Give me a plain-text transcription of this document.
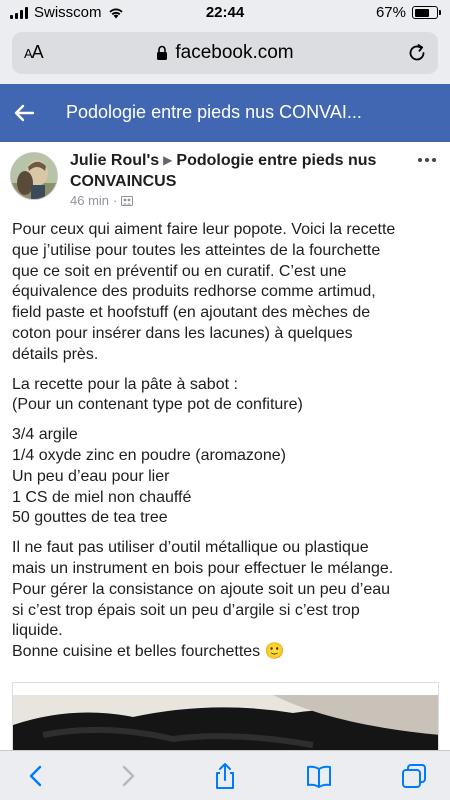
Swisscom	22:44	67%
AA	facebook.com
Podologie entre pieds nus CONVAI...
Julie Roul's ▶ Podologie entre pieds nus CONVAINCUS
46 min ·

Pour ceux qui aiment faire leur popote. Voici la recette
que j’utilise pour toutes les atteintes de la fourchette
que ce soit en préventif ou en curatif. C’est une
équivalence des produits redhorse comme artimud,
field paste et hoofstuff (en ajoutant des mèches de
coton pour insérer dans les lacunes) à quelques
détails près.

La recette pour la pâte à sabot :
(Pour un contenant type pot de confiture)

3/4 argile
1/4 oxyde zinc en poudre (aromazone)
Un peu d’eau pour lier
1 CS de miel non chauffé
50 gouttes de tea tree

Il ne faut pas utiliser d’outil métallique ou plastique
mais un instrument en bois pour effectuer le mélange.
Pour gérer la consistance on ajoute soit un peu d’eau
si c’est trop épais soit un peu d’argile si c’est trop
liquide.
Bonne cuisine et belles fourchettes 🙂
